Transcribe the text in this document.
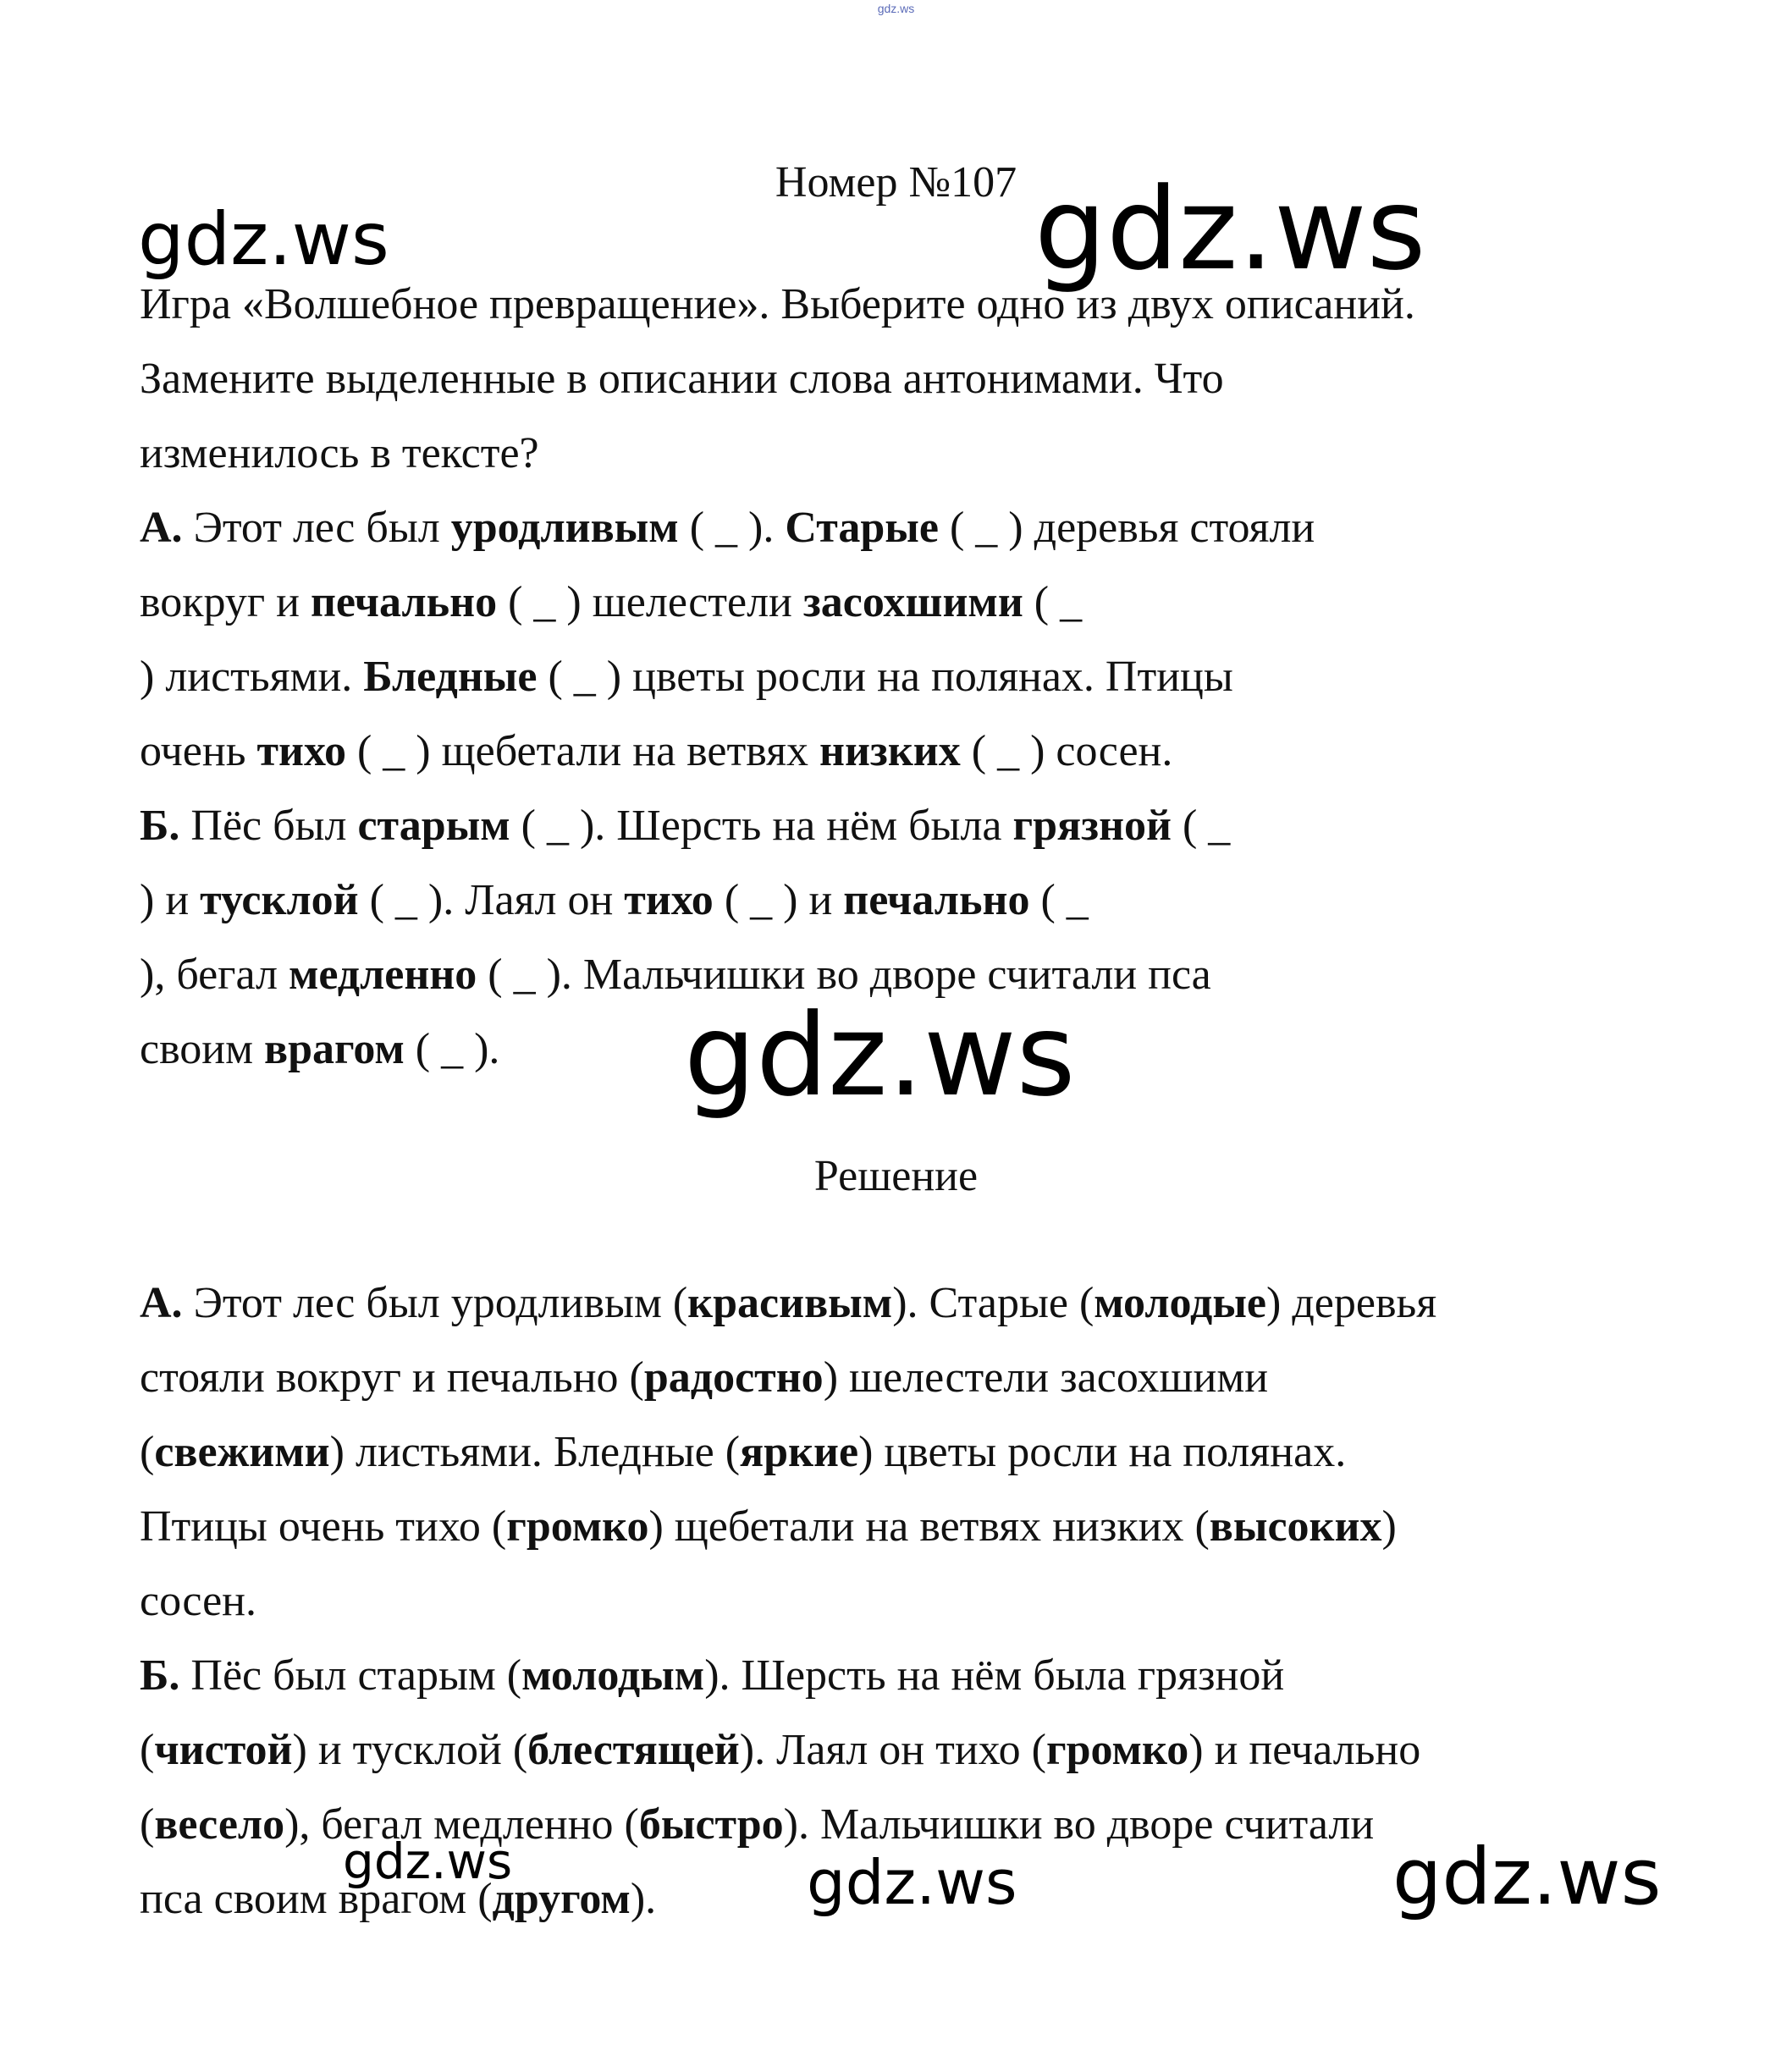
gdz.ws
Номер №107
Игра «Волшебное превращение». Выберите одно из двух описаний.
Замените выделенные в описании слова антонимами. Что
изменилось в тексте?
А. Этот лес был уродливым ( _ ). Старые ( _ ) деревья стояли
вокруг и печально ( _ ) шелестели засохшими ( _
) листьями. Бледные ( _ ) цветы росли на полянах. Птицы
очень тихо ( _ ) щебетали на ветвях низких ( _ ) сосен.
Б. Пёс был старым ( _ ). Шерсть на нём была грязной ( _
) и тусклой ( _ ). Лаял он тихо ( _ ) и печально ( _
), бегал медленно ( _ ). Мальчишки во дворе считали пса
своим врагом ( _ ).
Решение
А. Этот лес был уродливым (красивым). Старые (молодые) деревья
стояли вокруг и печально (радостно) шелестели засохшими
(свежими) листьями. Бледные (яркие) цветы росли на полянах.
Птицы очень тихо (громко) щебетали на ветвях низких (высоких)
сосен.
Б. Пёс был старым (молодым). Шерсть на нём была грязной
(чистой) и тусклой (блестящей). Лаял он тихо (громко) и печально
(весело), бегал медленно (быстро). Мальчишки во дворе считали
пса своим врагом (другом).
gdz.ws	gdz.ws
gdz.ws
gdz.ws	gdz.ws	gdz.ws
